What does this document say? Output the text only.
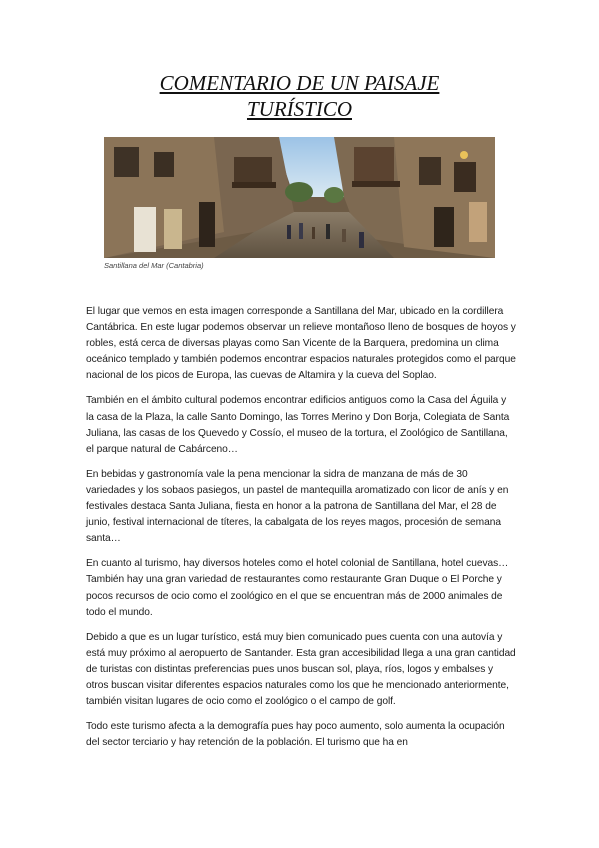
COMENTARIO DE UN PAISAJE
TURÍSTICO
Santillana del Mar (Cantabria)

El lugar que vemos en esta imagen corresponde a Santillana del Mar, ubicado en la cordillera Cantábrica. En este lugar podemos observar un relieve montañoso lleno de bosques de hoyos y robles, está cerca de diversas playas como San Vicente de la Barquera, predomina un clima oceánico templado y también podemos encontrar espacios naturales protegidos como el parque nacional de los picos de Europa, las cuevas de Altamira y la cueva del Soplao.

También en el ámbito cultural podemos encontrar edificios antiguos como la Casa del Águila y la casa de la Plaza, la calle Santo Domingo, las Torres Merino y Don Borja, Colegiata de Santa Juliana, las casas de los Quevedo y Cossío, el museo de la tortura, el Zoológico de Santillana, el parque natural de Cabárceno…

En bebidas y gastronomía vale la pena mencionar la sidra de manzana de más de 30 variedades y los sobaos pasiegos, un pastel de mantequilla aromatizado con licor de anís y en festivales destaca Santa Juliana, fiesta en honor a la patrona de Santillana del Mar, el 28 de junio, festival internacional de títeres, la cabalgata de los reyes magos, procesión de semana santa…

En cuanto al turismo, hay diversos hoteles como el hotel colonial de Santillana, hotel cuevas… También hay una gran variedad de restaurantes como restaurante Gran Duque o El Porche y pocos recursos de ocio como el zoológico en el que se encuentran más de 2000 animales de todo el mundo.

Debido a que es un lugar turístico, está muy bien comunicado pues cuenta con una autovía y está muy próximo al aeropuerto de Santander. Esta gran accesibilidad llega a una gran cantidad de turistas con distintas preferencias pues unos buscan sol, playa, ríos, logos y embalses y otros buscan visitar diferentes espacios naturales como los que he mencionado anteriormente, también visitan lugares de ocio como el zoológico o el campo de golf.

Todo este turismo afecta a la demografía pues hay poco aumento, solo aumenta la ocupación del sector terciario y hay retención de la población. El turismo que ha en
